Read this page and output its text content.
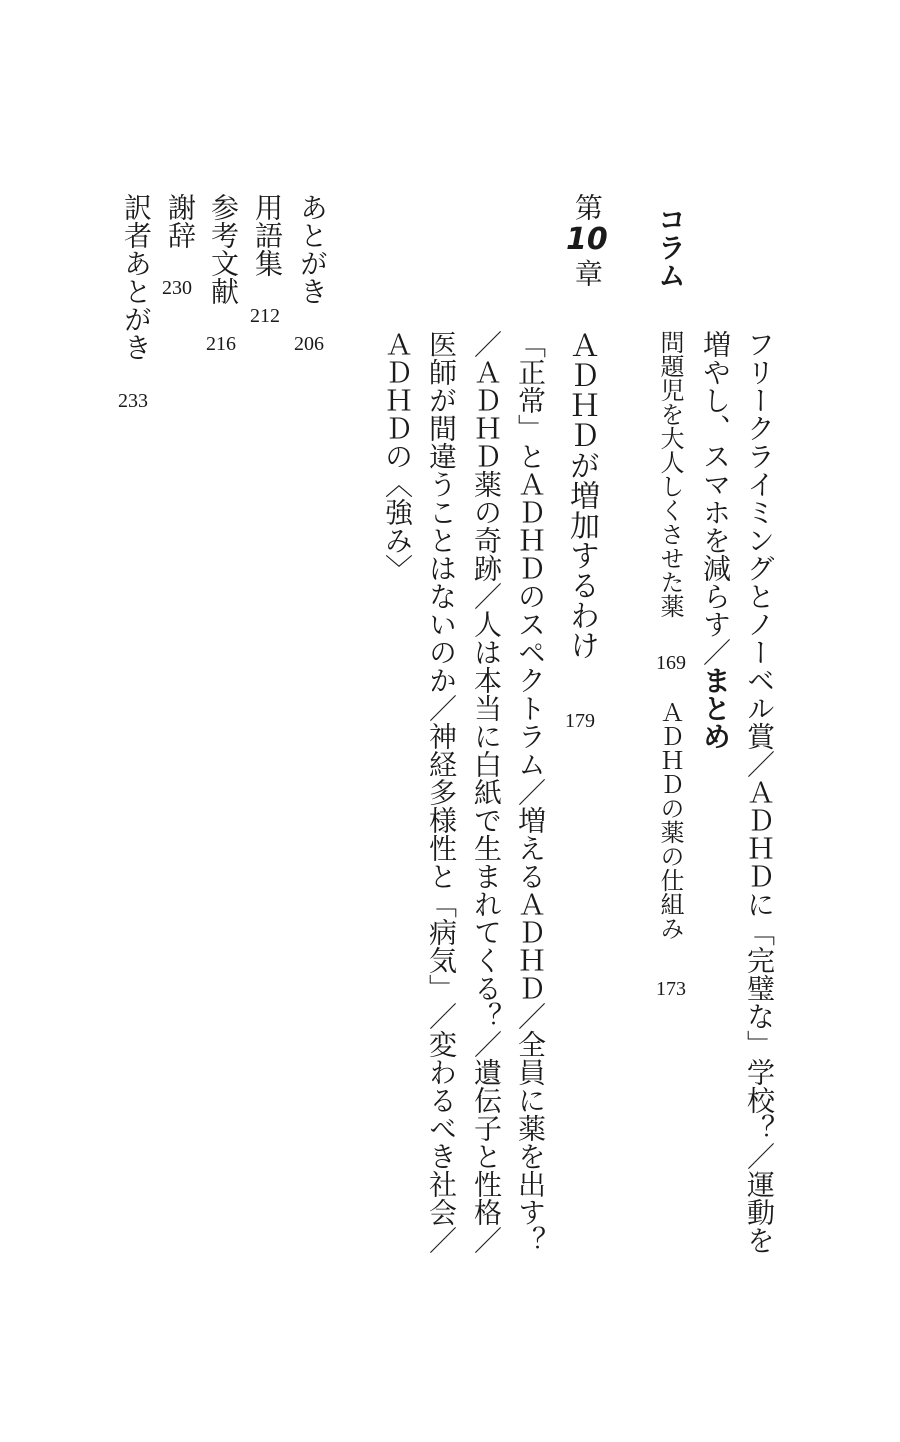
フリークライミングとノーベル賞／ＡＤＨＤに「完璧な」学校？／運動を
増やし、スマホを減らす／まとめ
コラム
問題児を大人しくさせた薬
169
ＡＤＨＤの薬の仕組み
173
第10章
ＡＤＨＤが増加するわけ
179
「正常」とＡＤＨＤのスペクトラム／増えるＡＤＨＤ／全員に薬を出す？
／ＡＤＨＤ薬の奇跡／人は本当に白紙で生まれてくる？／遺伝子と性格／
医師が間違うことはないのか／神経多様性と「病気」／変わるべき社会／
ＡＤＨＤの〈強み〉
あとがき
206
用語集
212
参考文献
216
謝辞
230
訳者あとがき
233
